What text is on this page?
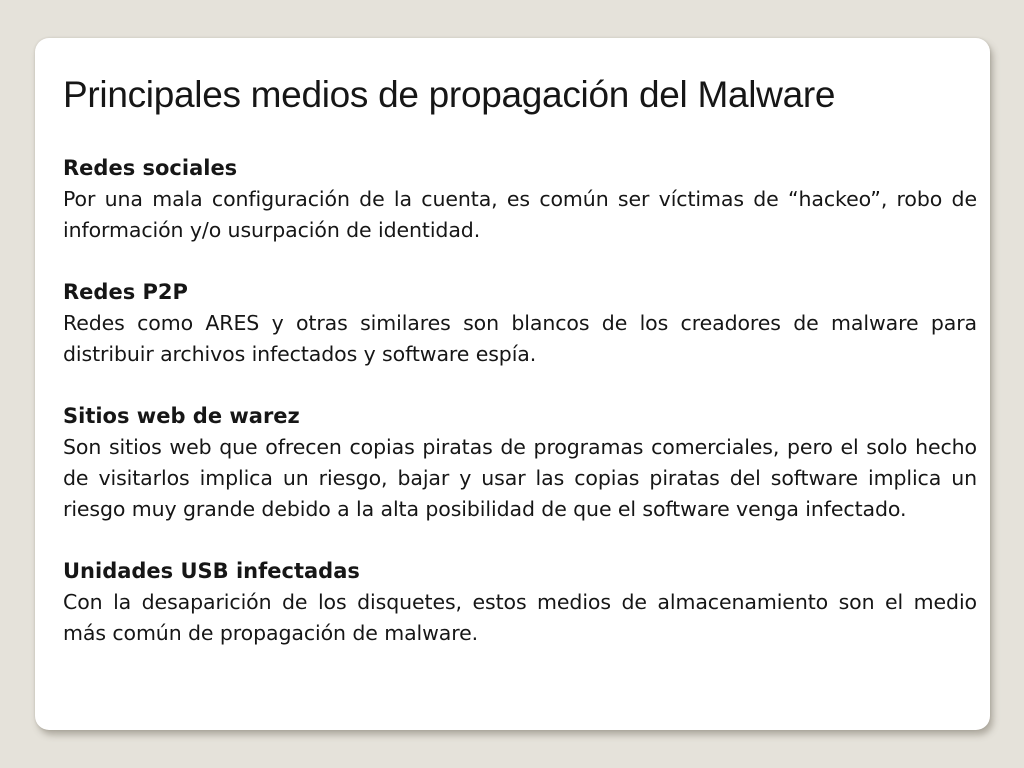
Principales medios de propagación del Malware

Redes sociales

Por una mala configuración de la cuenta, es común ser víctimas de “hackeo”, robo de información y/o usurpación de identidad.

Redes P2P

Redes como ARES y otras similares son blancos de los creadores de malware para distribuir archivos infectados y software espía.

Sitios web de warez

Son sitios web que ofrecen copias piratas de programas comerciales, pero el solo hecho de visitarlos implica un riesgo, bajar y usar las copias piratas del software implica un riesgo muy grande debido a la alta posibilidad de que el software venga infectado.

Unidades USB infectadas

Con la desaparición de los disquetes, estos medios de almacenamiento son el medio más común de propagación de malware.
